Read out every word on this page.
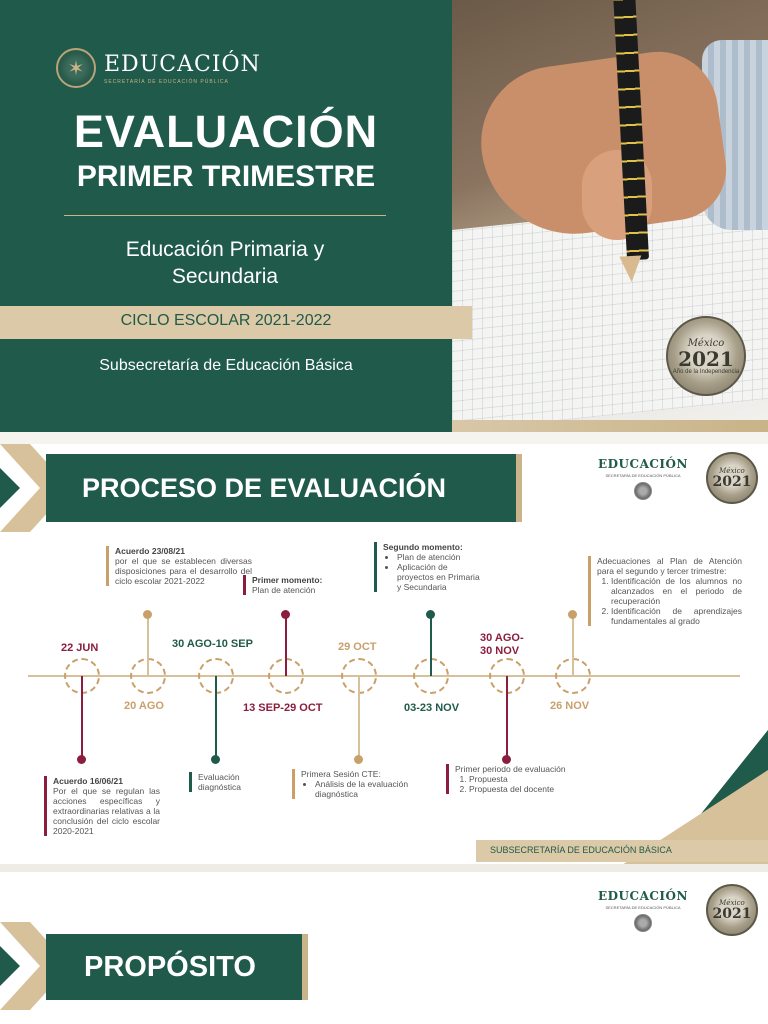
México
2021
Año de la Independencia
✶ EDUCACIÓN
SECRETARÍA DE EDUCACIÓN PÚBLICA
EVALUACIÓN
PRIMER TRIMESTRE
Educación Primaria y Secundaria
CICLO ESCOLAR 2021-2022
Subsecretaría de Educación Básica
PROCESO DE EVALUACIÓN
EDUCACIÓN
SECRETARÍA DE EDUCACIÓN PÚBLICA	México
2021
22 JUN
20 AGO
30 AGO-10 SEP
13 SEP-29 OCT
29 OCT
03-23 NOV
30 AGO-
30 NOV
26 NOV
Acuerdo 23/08/21
por el que se establecen diversas disposiciones para el desarrollo del ciclo escolar 2021-2022	Primer momento:
Plan de atención
Segundo momento:
• Plan de atención
• Aplicación de proyectos en Primaria y Secundaria
Adecuaciones al Plan de Atención para el segundo y tercer trimestre:
1. Identificación de los alumnos no alcanzados en el periodo de recuperación
2. Identificación de aprendizajes fundamentales al grado
Acuerdo 16/06/21
Por el que se regulan las acciones específicas y extraordinarias relativas a la conclusión del ciclo escolar 2020-2021
Evaluación diagnóstica
Primera Sesión CTE:
• Análisis de la evaluación diagnóstica
Primer periodo de evaluación
1. Propuesta
2. Propuesta del docente
SUBSECRETARÍA DE EDUCACIÓN BÁSICA
EDUCACIÓN
SECRETARÍA DE EDUCACIÓN PÚBLICA	México
2021
PROPÓSITO
